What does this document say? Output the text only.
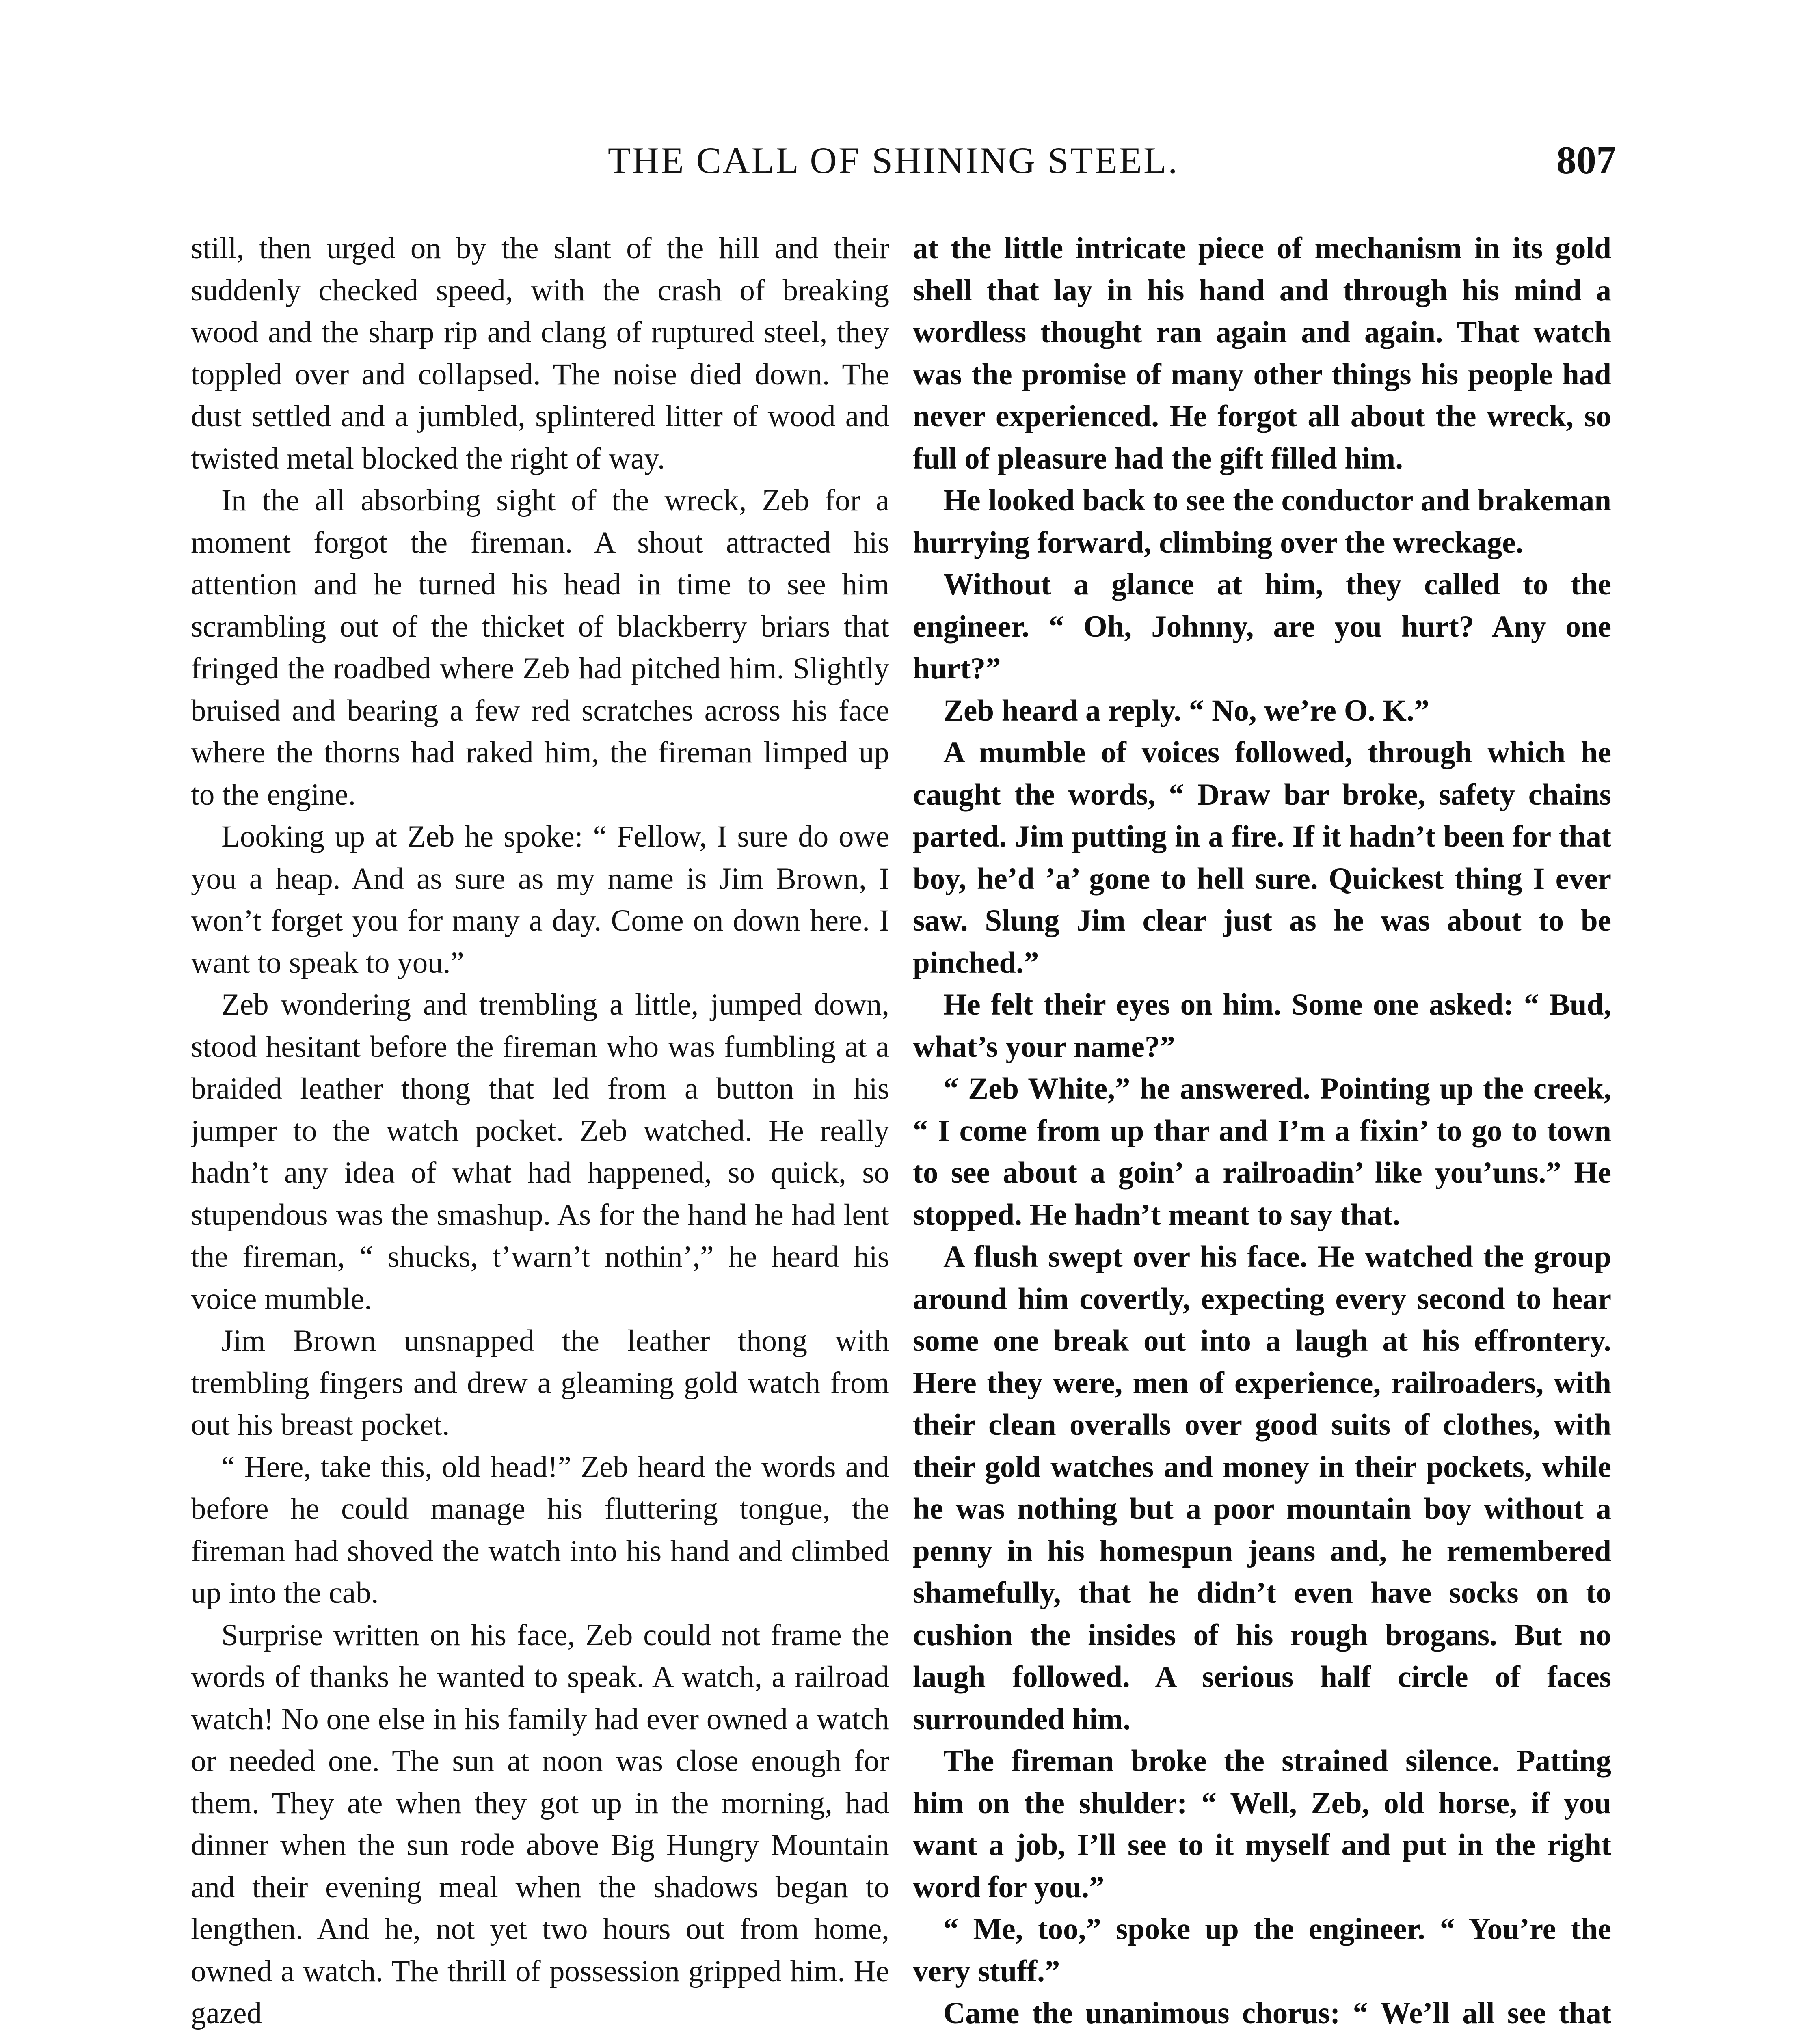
THE CALL OF SHINING STEEL.	807

still, then urged on by the slant of the hill and their suddenly checked speed, with the crash of breaking wood and the sharp rip and clang of ruptured steel, they toppled over and collapsed. The noise died down. The dust settled and a jumbled, splintered litter of wood and twisted metal blocked the right of way.

In the all absorbing sight of the wreck, Zeb for a moment forgot the fireman. A shout attracted his attention and he turned his head in time to see him scrambling out of the thicket of blackberry briars that fringed the roadbed where Zeb had pitched him. Slightly bruised and bearing a few red scratches across his face where the thorns had raked him, the fireman limped up to the engine.

Looking up at Zeb he spoke: “ Fellow, I sure do owe you a heap. And as sure as my name is Jim Brown, I won’t forget you for many a day. Come on down here. I want to speak to you.”

Zeb wondering and trembling a little, jumped down, stood hesitant before the fireman who was fumbling at a braided leather thong that led from a button in his jumper to the watch pocket. Zeb watched. He really hadn’t any idea of what had happened, so quick, so stupendous was the smashup. As for the hand he had lent the fireman, “ shucks, t’warn’t nothin’,” he heard his voice mumble.

Jim Brown unsnapped the leather thong with trembling fingers and drew a gleaming gold watch from out his breast pocket.

“ Here, take this, old head!” Zeb heard the words and before he could manage his fluttering tongue, the fireman had shoved the watch into his hand and climbed up into the cab.

Surprise written on his face, Zeb could not frame the words of thanks he wanted to speak. A watch, a railroad watch! No one else in his family had ever owned a watch or needed one. The sun at noon was close enough for them. They ate when they got up in the morning, had dinner when the sun rode above Big Hungry Mountain and their evening meal when the shadows began to lengthen. And he, not yet two hours out from home, owned a watch. The thrill of possession gripped him. He gazed

at the little intricate piece of mechanism in its gold shell that lay in his hand and through his mind a wordless thought ran again and again. That watch was the promise of many other things his people had never experienced. He forgot all about the wreck, so full of pleasure had the gift filled him.

He looked back to see the conductor and brakeman hurrying forward, climbing over the wreckage.

Without a glance at him, they called to the engineer. “ Oh, Johnny, are you hurt? Any one hurt?”

Zeb heard a reply. “ No, we’re O. K.”

A mumble of voices followed, through which he caught the words, “ Draw bar broke, safety chains parted. Jim putting in a fire. If it hadn’t been for that boy, he’d ’a’ gone to hell sure. Quickest thing I ever saw. Slung Jim clear just as he was about to be pinched.”

He felt their eyes on him. Some one asked: “ Bud, what’s your name?”

“ Zeb White,” he answered. Pointing up the creek, “ I come from up thar and I’m a fixin’ to go to town to see about a goin’ a railroadin’ like you’uns.” He stopped. He hadn’t meant to say that.

A flush swept over his face. He watched the group around him covertly, expecting every second to hear some one break out into a laugh at his effrontery. Here they were, men of experience, railroaders, with their clean overalls over good suits of clothes, with their gold watches and money in their pockets, while he was nothing but a poor mountain boy without a penny in his homespun jeans and, he remembered shamefully, that he didn’t even have socks on to cushion the insides of his rough brogans. But no laugh followed. A serious half circle of faces surrounded him.

The fireman broke the strained silence. Patting him on the shulder: “ Well, Zeb, old horse, if you want a job, I’ll see to it myself and put in the right word for you.”

“ Me, too,” spoke up the engineer. “ You’re the very stuff.”

Came the unanimous chorus: “ We’ll all see that
